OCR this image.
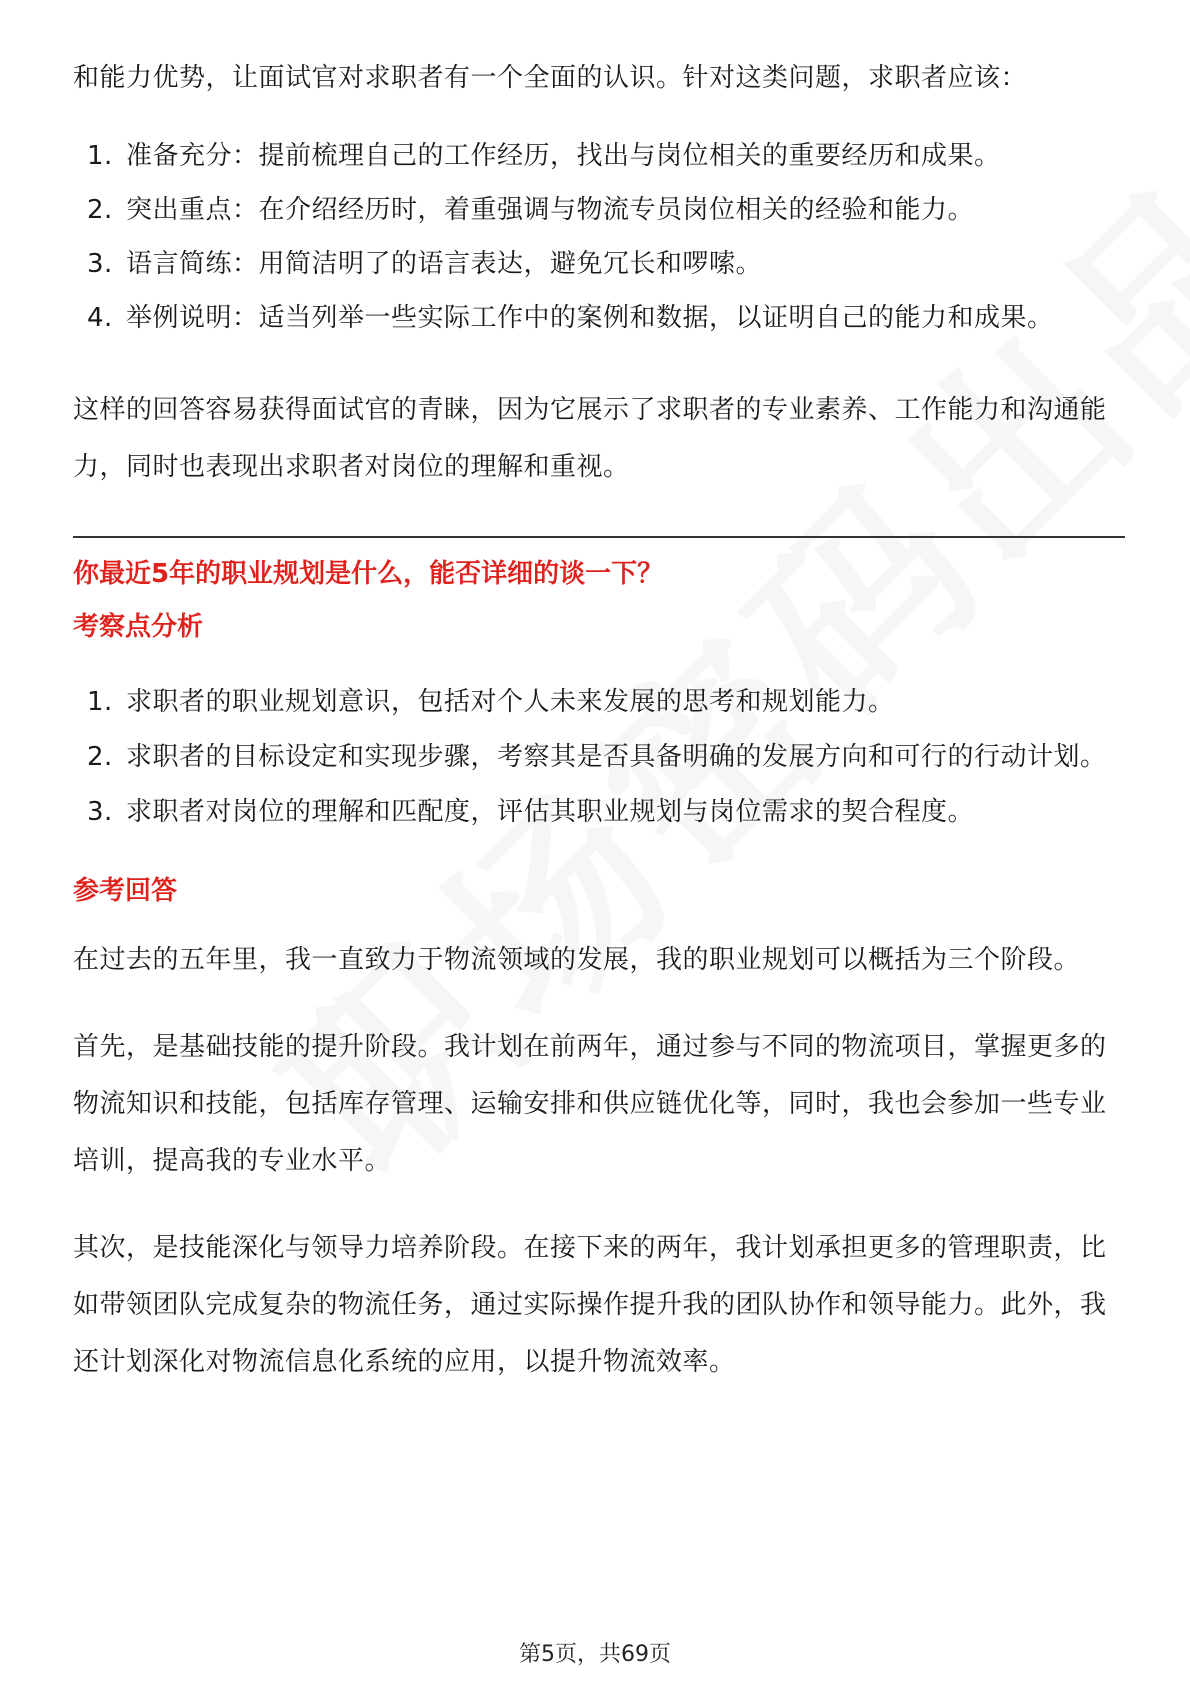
和能力优势，让面试官对求职者有一个全面的认识。针对这类问题，求职者应该：

1. 准备充分：提前梳理自己的工作经历，找出与岗位相关的重要经历和成果。
2. 突出重点：在介绍经历时，着重强调与物流专员岗位相关的经验和能力。
3. 语言简练：用简洁明了的语言表达，避免冗长和啰嗦。
4. 举例说明：适当列举一些实际工作中的案例和数据，以证明自己的能力和成果。

这样的回答容易获得面试官的青睐，因为它展示了求职者的专业素养、工作能力和沟通能力，同时也表现出求职者对岗位的理解和重视。

你最近5年的职业规划是什么，能否详细的谈一下？

考察点分析

1. 求职者的职业规划意识，包括对个人未来发展的思考和规划能力。
2. 求职者的目标设定和实现步骤，考察其是否具备明确的发展方向和可行的行动计划。
3. 求职者对岗位的理解和匹配度，评估其职业规划与岗位需求的契合程度。

参考回答

在过去的五年里，我一直致力于物流领域的发展，我的职业规划可以概括为三个阶段。

首先，是基础技能的提升阶段。我计划在前两年，通过参与不同的物流项目，掌握更多的物流知识和技能，包括库存管理、运输安排和供应链优化等，同时，我也会参加一些专业培训，提高我的专业水平。

其次，是技能深化与领导力培养阶段。在接下来的两年，我计划承担更多的管理职责，比如带领团队完成复杂的物流任务，通过实际操作提升我的团队协作和领导能力。此外，我还计划深化对物流信息化系统的应用，以提升物流效率。

第5页，共69页
